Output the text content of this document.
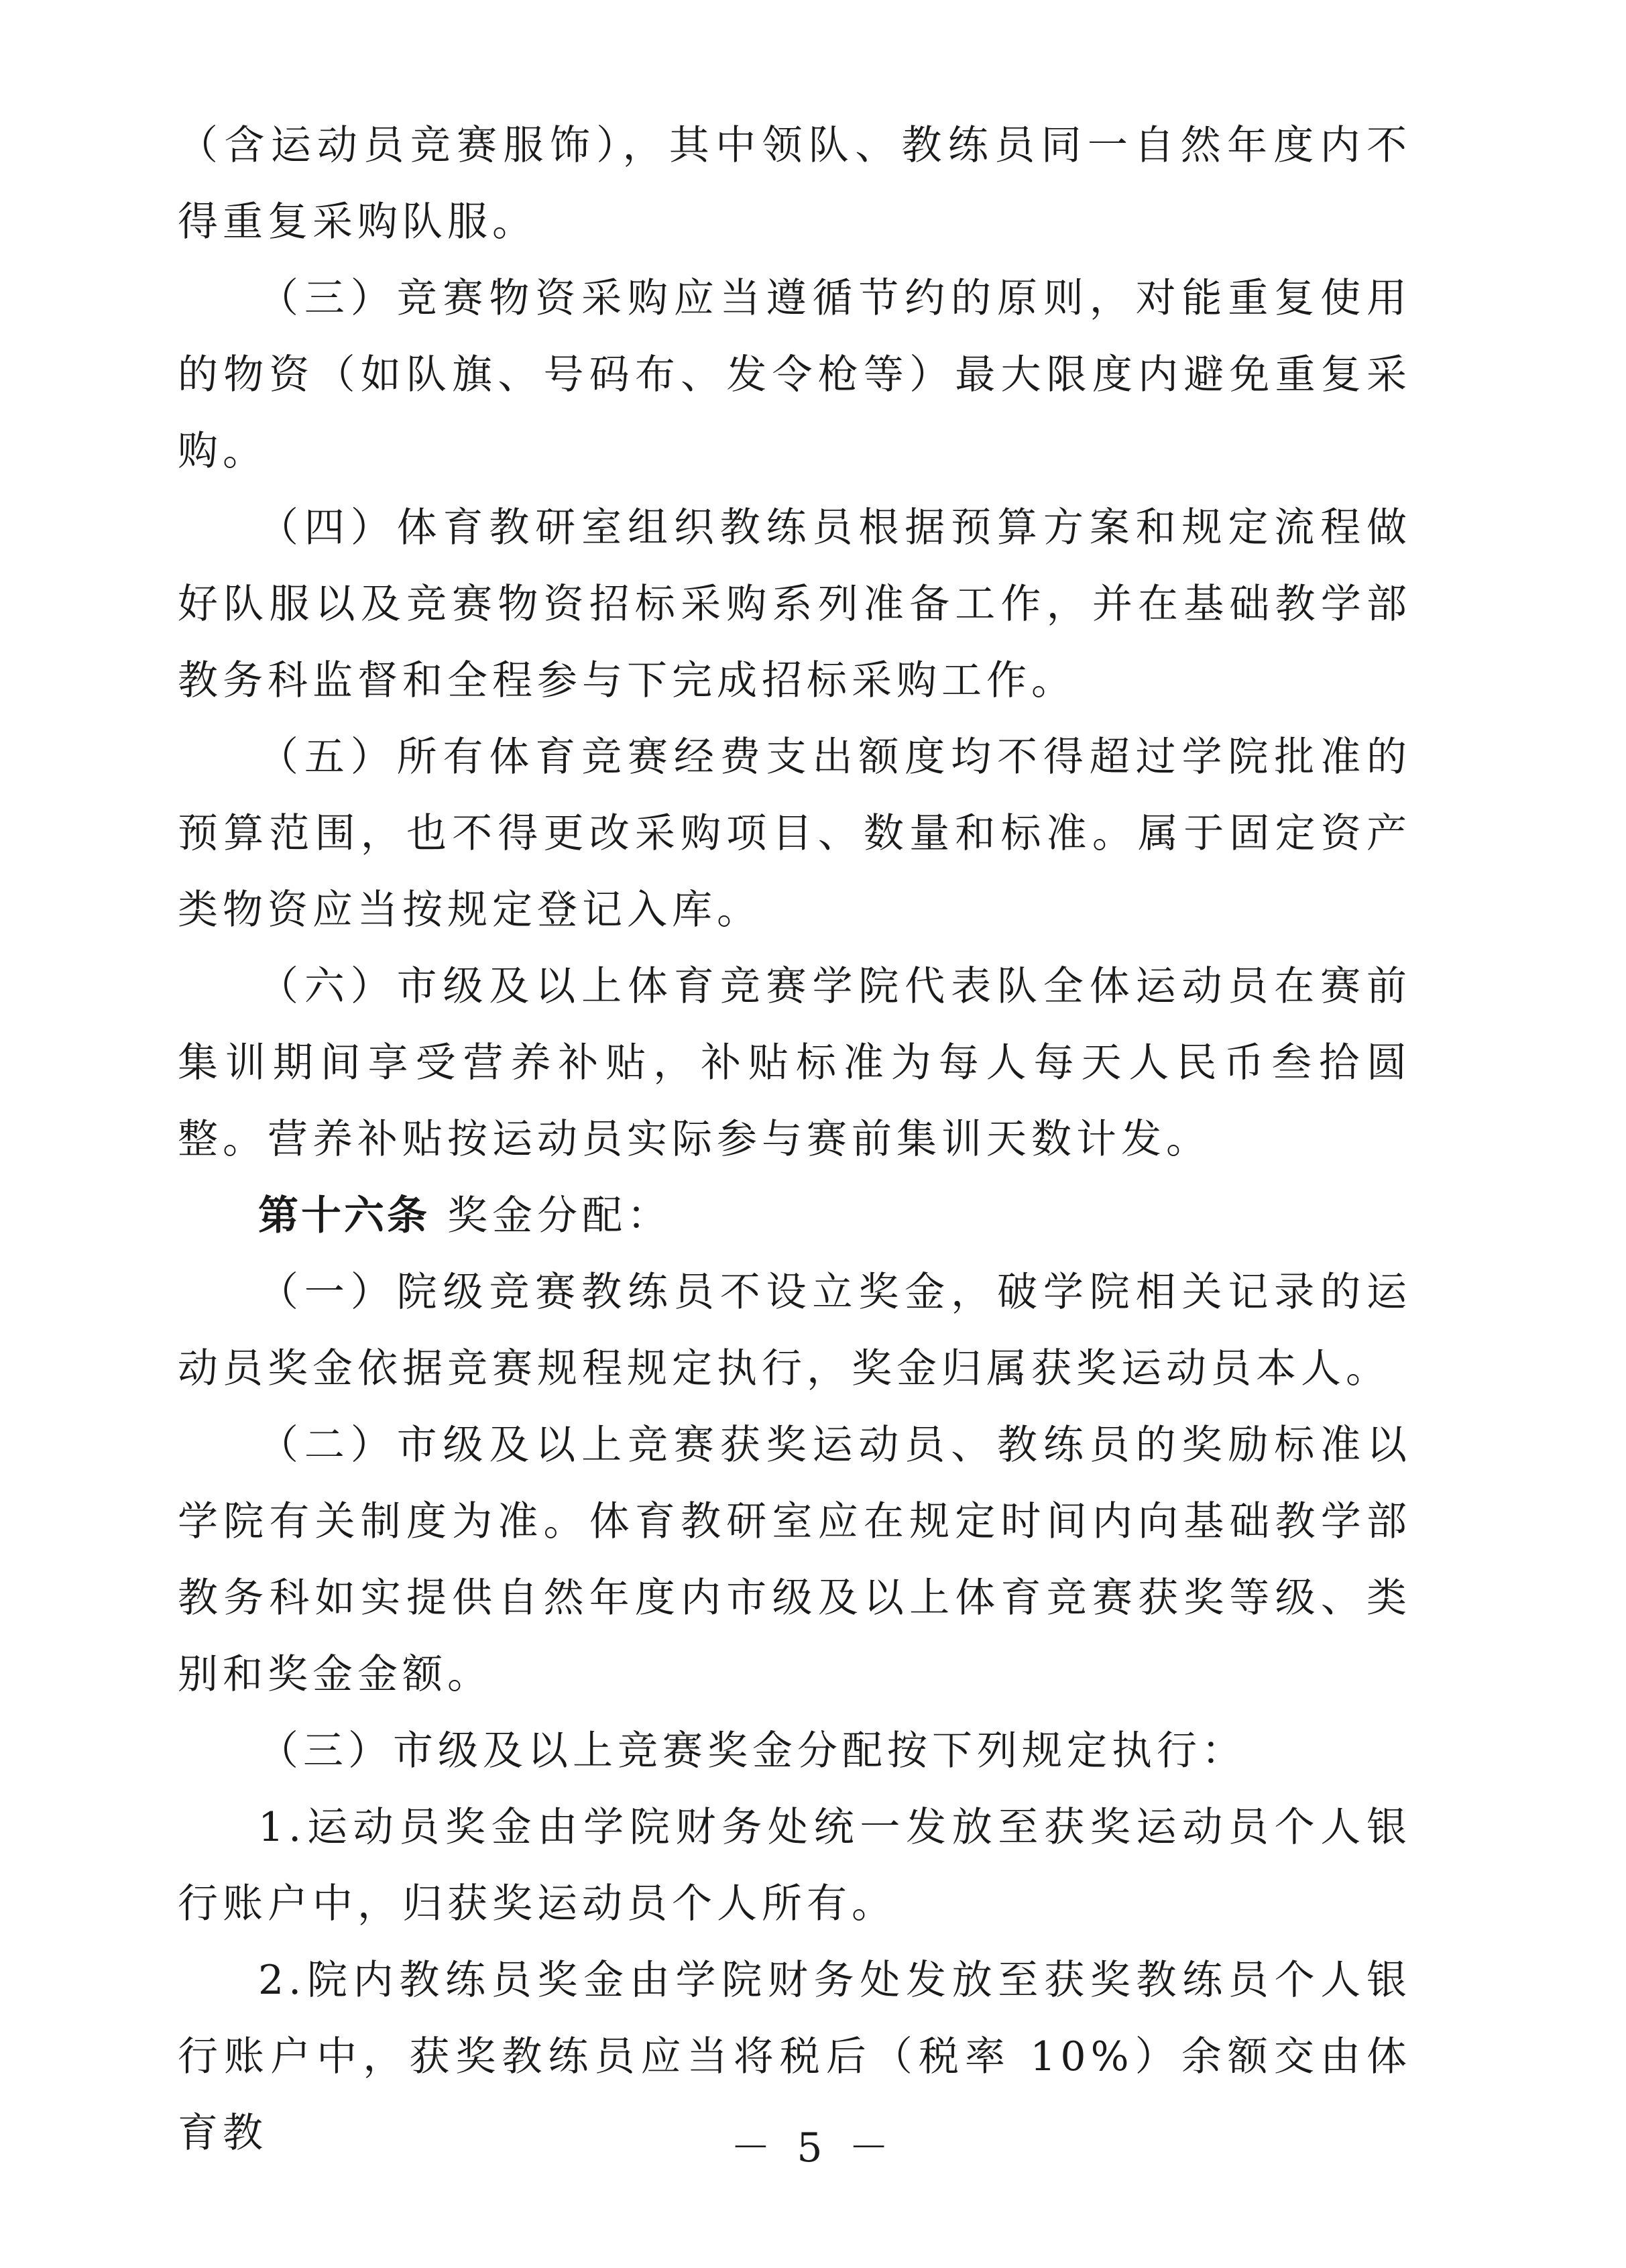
（含运动员竞赛服饰），其中领队、教练员同一自然年度内不得重复采购队服。

（三）竞赛物资采购应当遵循节约的原则，对能重复使用的物资（如队旗、号码布、发令枪等）最大限度内避免重复采购。

（四）体育教研室组织教练员根据预算方案和规定流程做好队服以及竞赛物资招标采购系列准备工作，并在基础教学部教务科监督和全程参与下完成招标采购工作。

（五）所有体育竞赛经费支出额度均不得超过学院批准的预算范围，也不得更改采购项目、数量和标准。属于固定资产类物资应当按规定登记入库。

（六）市级及以上体育竞赛学院代表队全体运动员在赛前集训期间享受营养补贴，补贴标准为每人每天人民币叁拾圆整。营养补贴按运动员实际参与赛前集训天数计发。

第十六条 奖金分配：

（一）院级竞赛教练员不设立奖金，破学院相关记录的运动员奖金依据竞赛规程规定执行，奖金归属获奖运动员本人。

（二）市级及以上竞赛获奖运动员、教练员的奖励标准以学院有关制度为准。体育教研室应在规定时间内向基础教学部教务科如实提供自然年度内市级及以上体育竞赛获奖等级、类别和奖金金额。

（三）市级及以上竞赛奖金分配按下列规定执行：

1.运动员奖金由学院财务处统一发放至获奖运动员个人银行账户中，归获奖运动员个人所有。

2.院内教练员奖金由学院财务处发放至获奖教练员个人银行账户中，获奖教练员应当将税后（税率 10%）余额交由体育教	－ 5 －
